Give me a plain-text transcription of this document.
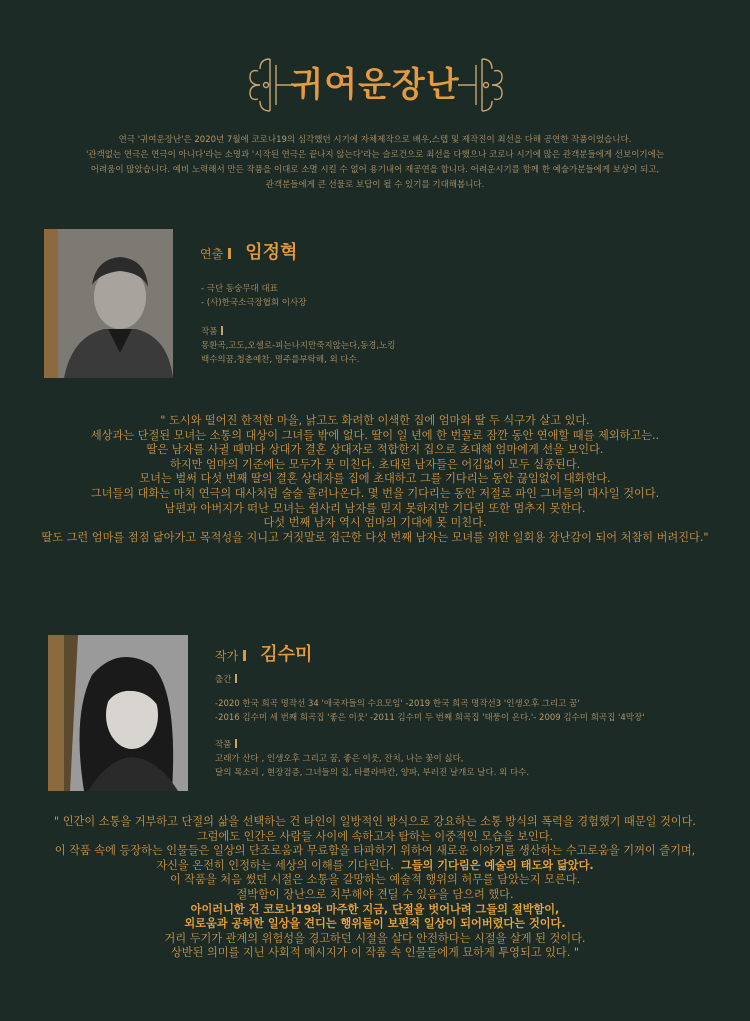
귀여운장난

연극 '귀여운장난'은 2020년 7월에 코로나19의 심각했던 시기에 자체제작으로 배우,스텝 및 제작진이 최선을 다해 공연한 작품이었습니다.

'관객없는 연극은 연극이 아니다'라는 소명과 '시작된 연극은 끝나지 않는다'라는 슬로건으로 최선을 다했으나 코로나 시기에 많은 관객분들에게 선보이기에는

어려움이 많았습니다. 예비 노력해서 만든 작품을 이대로 소멸 시킬 수 없어 용기내어 재공연을 합니다. 어려운시기를 함께 한 예술가분들에게 보상이 되고,

관객분들에게 큰 선물로 보답이 될 수 있기를 기대해봅니다.

연출 임정혁

- 극단 동숭무대 대표

- (사)한국소극장협회 이사장

작품

몽환곡,고도,오셀로-피는나지만죽지않는다,동경,노킹

백수의꿈,청춘예찬, 명주를부탁해, 외 다수.

" 도시와 떨어진 한적한 마을, 낡고도 화려한 이색한 집에 엄마와 딸 두 식구가 살고 있다.

세상과는 단절된 모녀는 소통의 대상이 그녀들 밖에 없다. 딸이 일 년에 한 번꼴로 잠깐 동안 연애할 때를 제외하고는..

딸은 남자를 사귈 때마다 상대가 결혼 상대자로 적합한지 집으로 초대해 엄마에게 선을 보인다.

하지만 엄마의 기준에는 모두가 못 미친다. 초대된 남자들은 어김없이 모두 실종된다.

모녀는 벌써 다섯 번째 딸의 결혼 상대자를 집에 초대하고 그를 기다리는 동안 끊임없이 대화한다.

그녀들의 대화는 마치 연극의 대사처럼 술술 흘러나온다. 몇 번을 기다리는 동안 저절로 파인 그녀들의 대사일 것이다.

남편과 아버지가 떠난 모녀는 쉽사리 남자를 믿지 못하지만 기다림 또한 멈추지 못한다.

다섯 번째 남자 역시 엄마의 기대에 못 미친다.

딸도 그런 엄마를 점점 닮아가고 목적성을 지니고 거짓말로 접근한 다섯 번째 남자는 모녀를 위한 일회용 장난감이 되어 처참히 버려진다."

작가 김수미
출간

-2020 한국 희곡 명작선 34 '애국자들의 수요모임' -2019 한국 희곡 명작선3 '인생오후 그리고 꿈'

-2016 김수미 세 번째 희곡집 '좋은 이웃' -2011 김수미 두 번째 희곡집 '태풍이 온다.'- 2009 김수미 희곡집 '4막장'

작품

고래가 산다 , 인생오후 그리고 꿈, 좋은 이웃, 잔치, 나는 꽃이 싫다,

달의 목소리 , 현장검증, 그녀들의 집, 타클라마칸, 양파, 부러진 날개로 날다. 외 다수.

" 인간이 소통을 거부하고 단절의 삶을 선택하는 건 타인이 일방적인 방식으로 강요하는 소통 방식의 폭력을 경험했기 때문일 것이다.

그럼에도 인간은 사람들 사이에 속하고자 탐하는 이중적인 모습을 보인다.

이 작품 속에 등장하는 인물들은 일상의 단조로움과 무료함을 타파하기 위하여 새로운 이야기를 생산하는 수고로움을 기꺼이 즐기며,

자신을 온전히 인정하는 세상의 이해를 기다린다. 그들의 기다림은 예술의 태도와 닮았다.

이 작품을 처음 썼던 시절은 소통을 갈망하는 예술적 행위의 허무를 담았는지 모른다.

절박함이 장난으로 치부해야 견딜 수 있음을 담으려 했다.

아이러니한 건 코로나19와 마주한 지금, 단절을 벗어나려 그들의 절박함이,

외로움과 공허한 일상을 견디는 행위들이 보편적 일상이 되어버렸다는 것이다.

거리 두기가 관계의 위험성을 경고하던 시절을 살다 안전하다는 시절을 살게 된 것이다.

상반된 의미를 지닌 사회적 메시지가 이 작품 속 인물들에게 묘하게 투영되고 있다. "
